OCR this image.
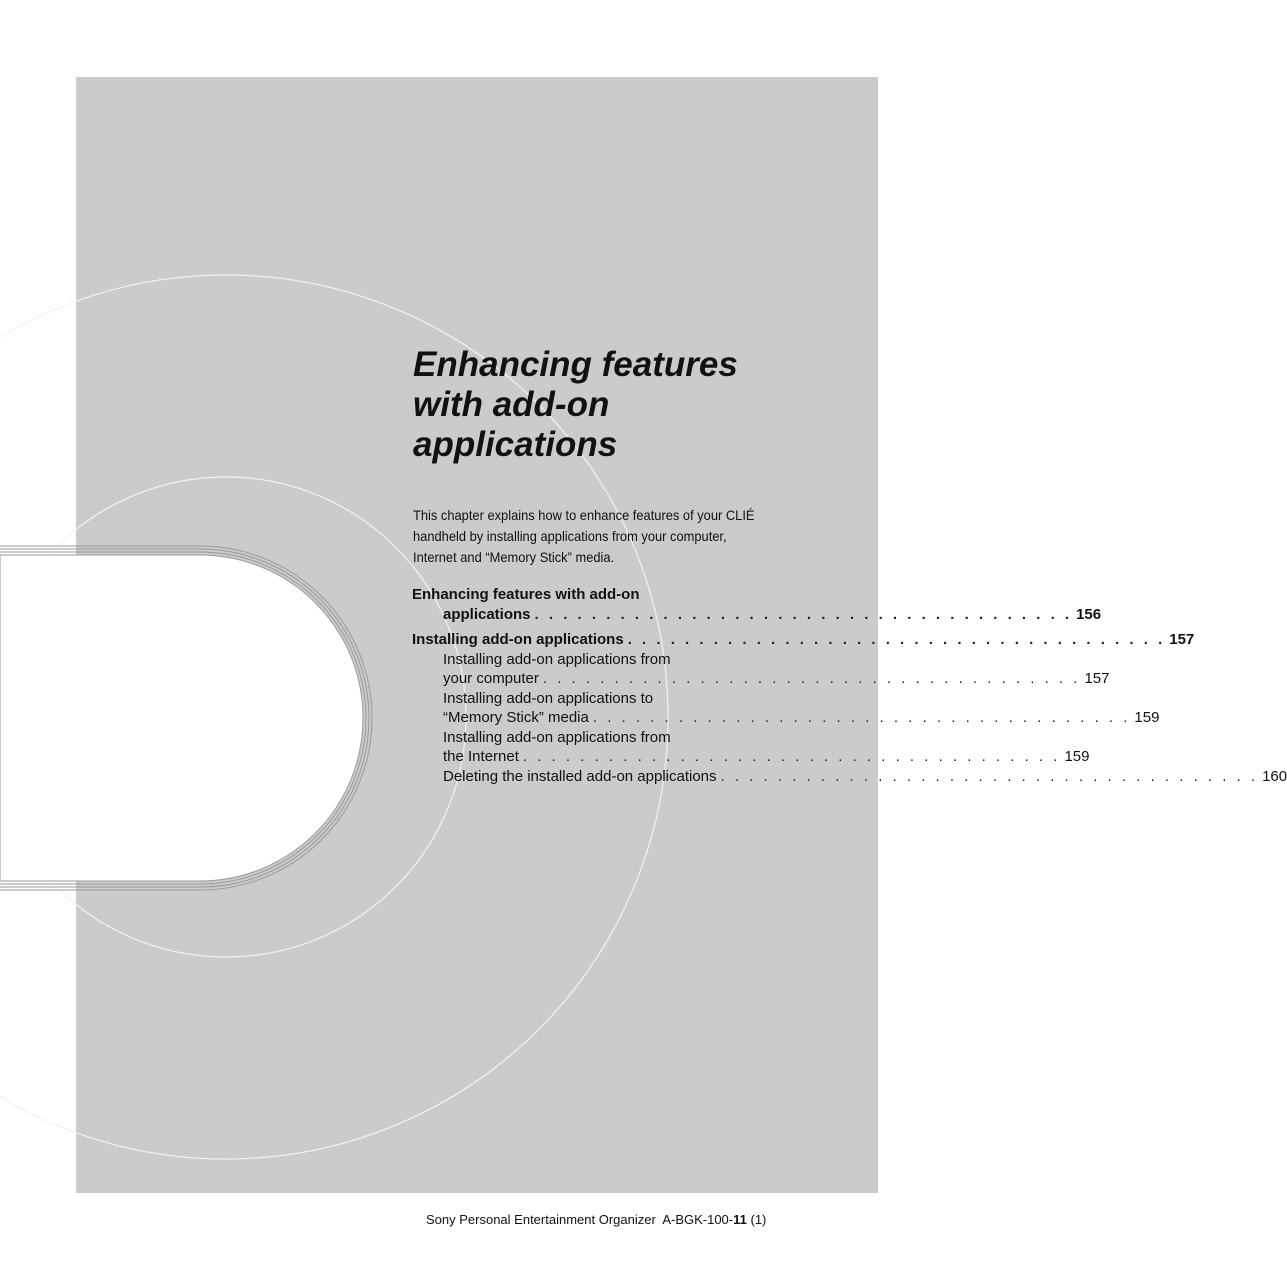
Enhancing features
with add-on
applications
This chapter explains how to enhance features of your CLIÉ
handheld by installing applications from your computer,
Internet and “Memory Stick” media.
Enhancing features with add-on
applications . . . . . . . . . . . . . . . . . . . . . . . . . . . . . . . . . . . . . . 156
Installing add-on applications . . . . . . . . . . . . . . . . . . . . . . . . . . . . . . . . . . . . . . 157
Installing add-on applications from
your computer . . . . . . . . . . . . . . . . . . . . . . . . . . . . . . . . . . . . . . 157
Installing add-on applications to
“Memory Stick” media . . . . . . . . . . . . . . . . . . . . . . . . . . . . . . . . . . . . . . 159
Installing add-on applications from
the Internet . . . . . . . . . . . . . . . . . . . . . . . . . . . . . . . . . . . . . . 159
Deleting the installed add-on applications . . . . . . . . . . . . . . . . . . . . . . . . . . . . . . . . . . . . . . 160
Sony Personal Entertainment Organizer A-BGK-100-11 (1)
